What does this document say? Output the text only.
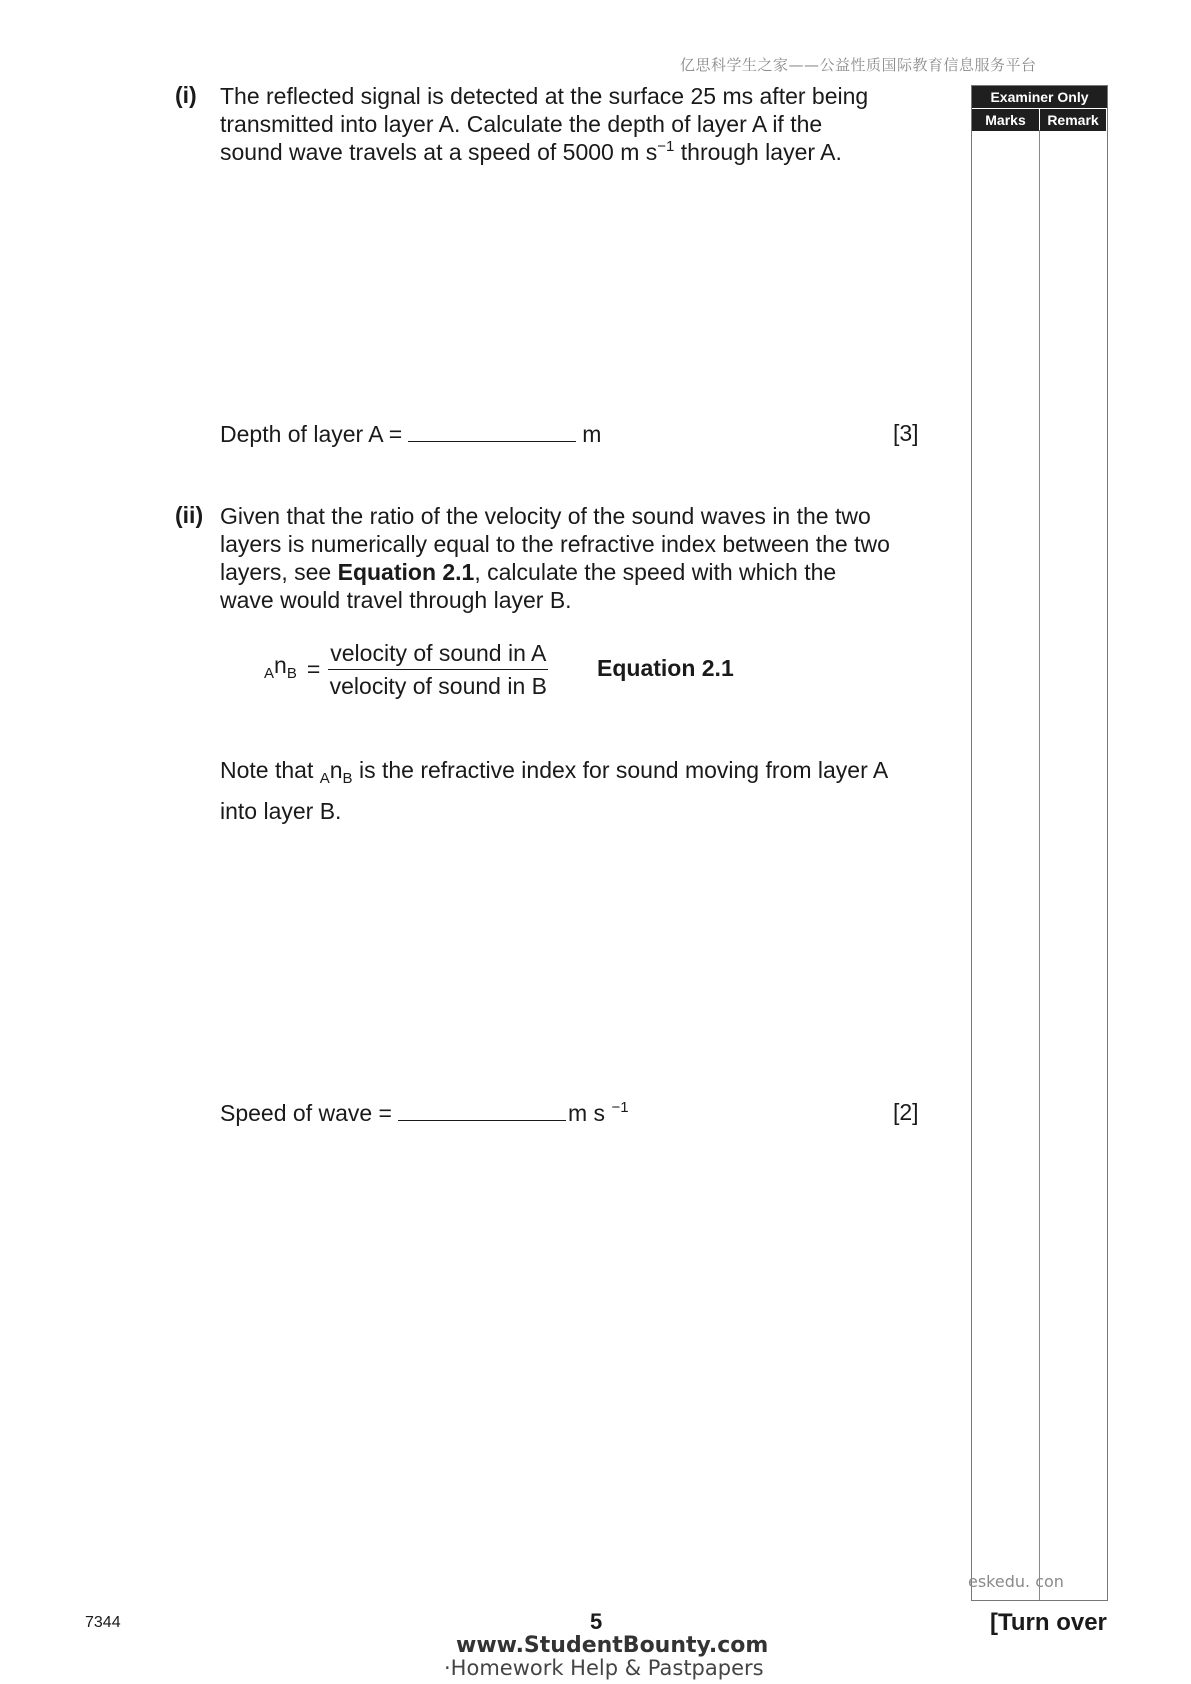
亿思科学生之家——公益性质国际教育信息服务平台
(i) The reflected signal is detected at the surface 25 ms after being
transmitted into layer A. Calculate the depth of layer A if the
sound wave travels at a speed of 5000 m $s^{-1}$ through layer A.
Depth of layer A =	m	[3]
(ii) Given that the ratio of the velocity of the sound waves in the two
layers is numerically equal to the refractive index between the two
layers, see Equation 2.1, calculate the speed with which the
wave would travel through layer B.
$_An_B = \frac{\text{velocity of sound in A}}{\text{velocity of sound in B}}$ Equation 2.1
Note that $_An_B$ is the refractive index for sound moving from layer A
into layer B.
Speed of wave =	m s $^{-1}$	[2]
Examiner Only
Marks	Remark
eskedu. con
7344	5	[Turn over
www.StudentBounty.com
·Homework Help & Pastpapers
